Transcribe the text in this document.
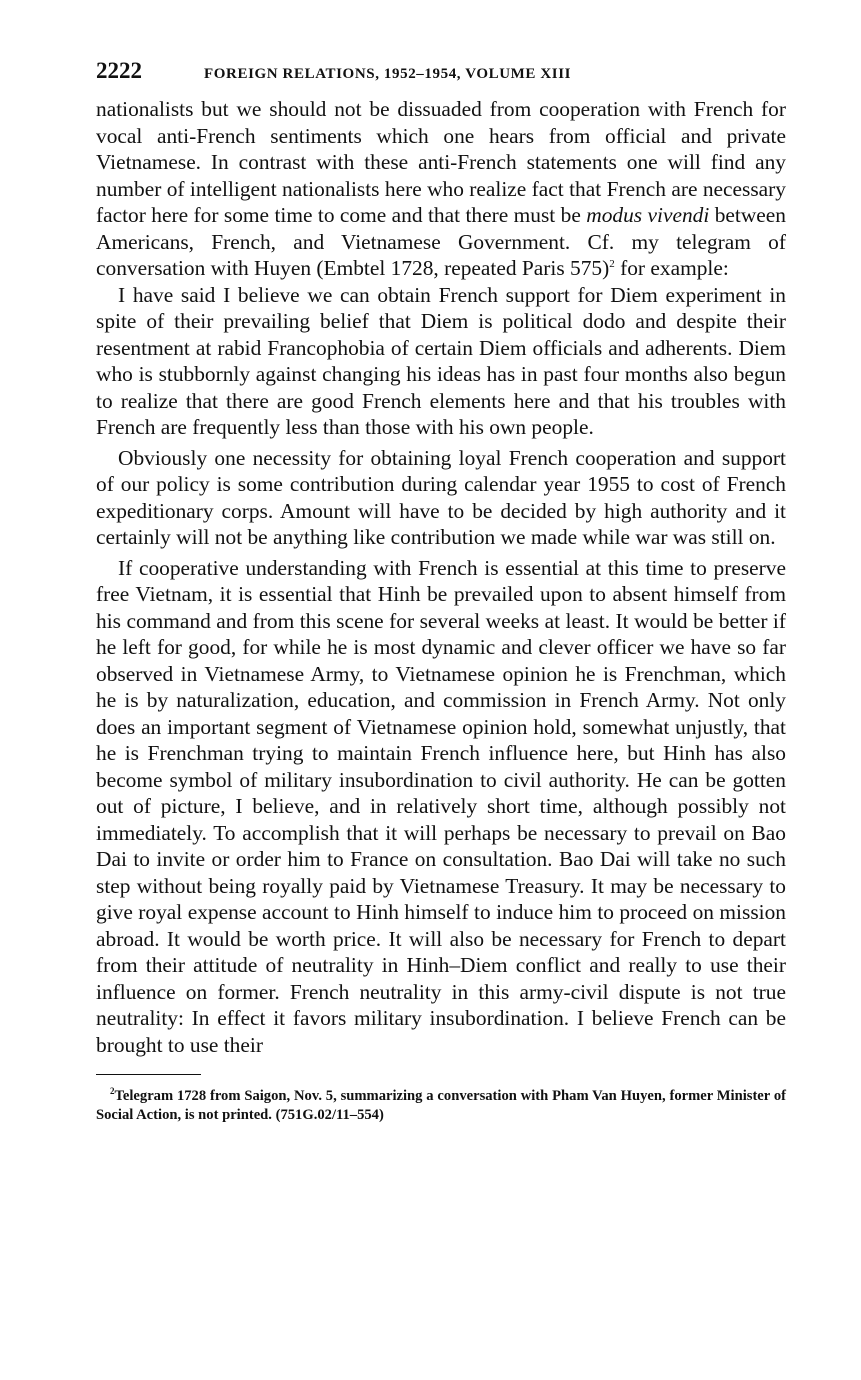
2222	FOREIGN RELATIONS, 1952–1954, VOLUME XIII

nationalists but we should not be dissuaded from cooperation with French for vocal anti-French sentiments which one hears from official and private Vietnamese. In contrast with these anti-French statements one will find any number of intelligent nationalists here who realize fact that French are necessary factor here for some time to come and that there must be modus vivendi between Americans, French, and Vietnamese Government. Cf. my telegram of conversation with Huyen (Embtel 1728, repeated Paris 575)$^2$ for example:

I have said I believe we can obtain French support for Diem experiment in spite of their prevailing belief that Diem is political dodo and despite their resentment at rabid Francophobia of certain Diem officials and adherents. Diem who is stubbornly against changing his ideas has in past four months also begun to realize that there are good French elements here and that his troubles with French are frequently less than those with his own people.

Obviously one necessity for obtaining loyal French cooperation and support of our policy is some contribution during calendar year 1955 to cost of French expeditionary corps. Amount will have to be decided by high authority and it certainly will not be anything like contribution we made while war was still on.

If cooperative understanding with French is essential at this time to preserve free Vietnam, it is essential that Hinh be prevailed upon to absent himself from his command and from this scene for several weeks at least. It would be better if he left for good, for while he is most dynamic and clever officer we have so far observed in Vietnamese Army, to Vietnamese opinion he is Frenchman, which he is by naturalization, education, and commission in French Army. Not only does an important segment of Vietnamese opinion hold, somewhat unjustly, that he is Frenchman trying to maintain French influence here, but Hinh has also become symbol of military insubordination to civil authority. He can be gotten out of picture, I believe, and in relatively short time, although possibly not immediately. To accomplish that it will perhaps be necessary to prevail on Bao Dai to invite or order him to France on consultation. Bao Dai will take no such step without being royally paid by Vietnamese Treasury. It may be necessary to give royal expense account to Hinh himself to induce him to proceed on mission abroad. It would be worth price. It will also be necessary for French to depart from their attitude of neutrality in Hinh–Diem conflict and really to use their influence on former. French neutrality in this army-civil dispute is not true neutrality: In effect it favors military insubordination. I believe French can be brought to use their

$^2$Telegram 1728 from Saigon, Nov. 5, summarizing a conversation with Pham Van Huyen, former Minister of Social Action, is not printed. (751G.02/11–554)
